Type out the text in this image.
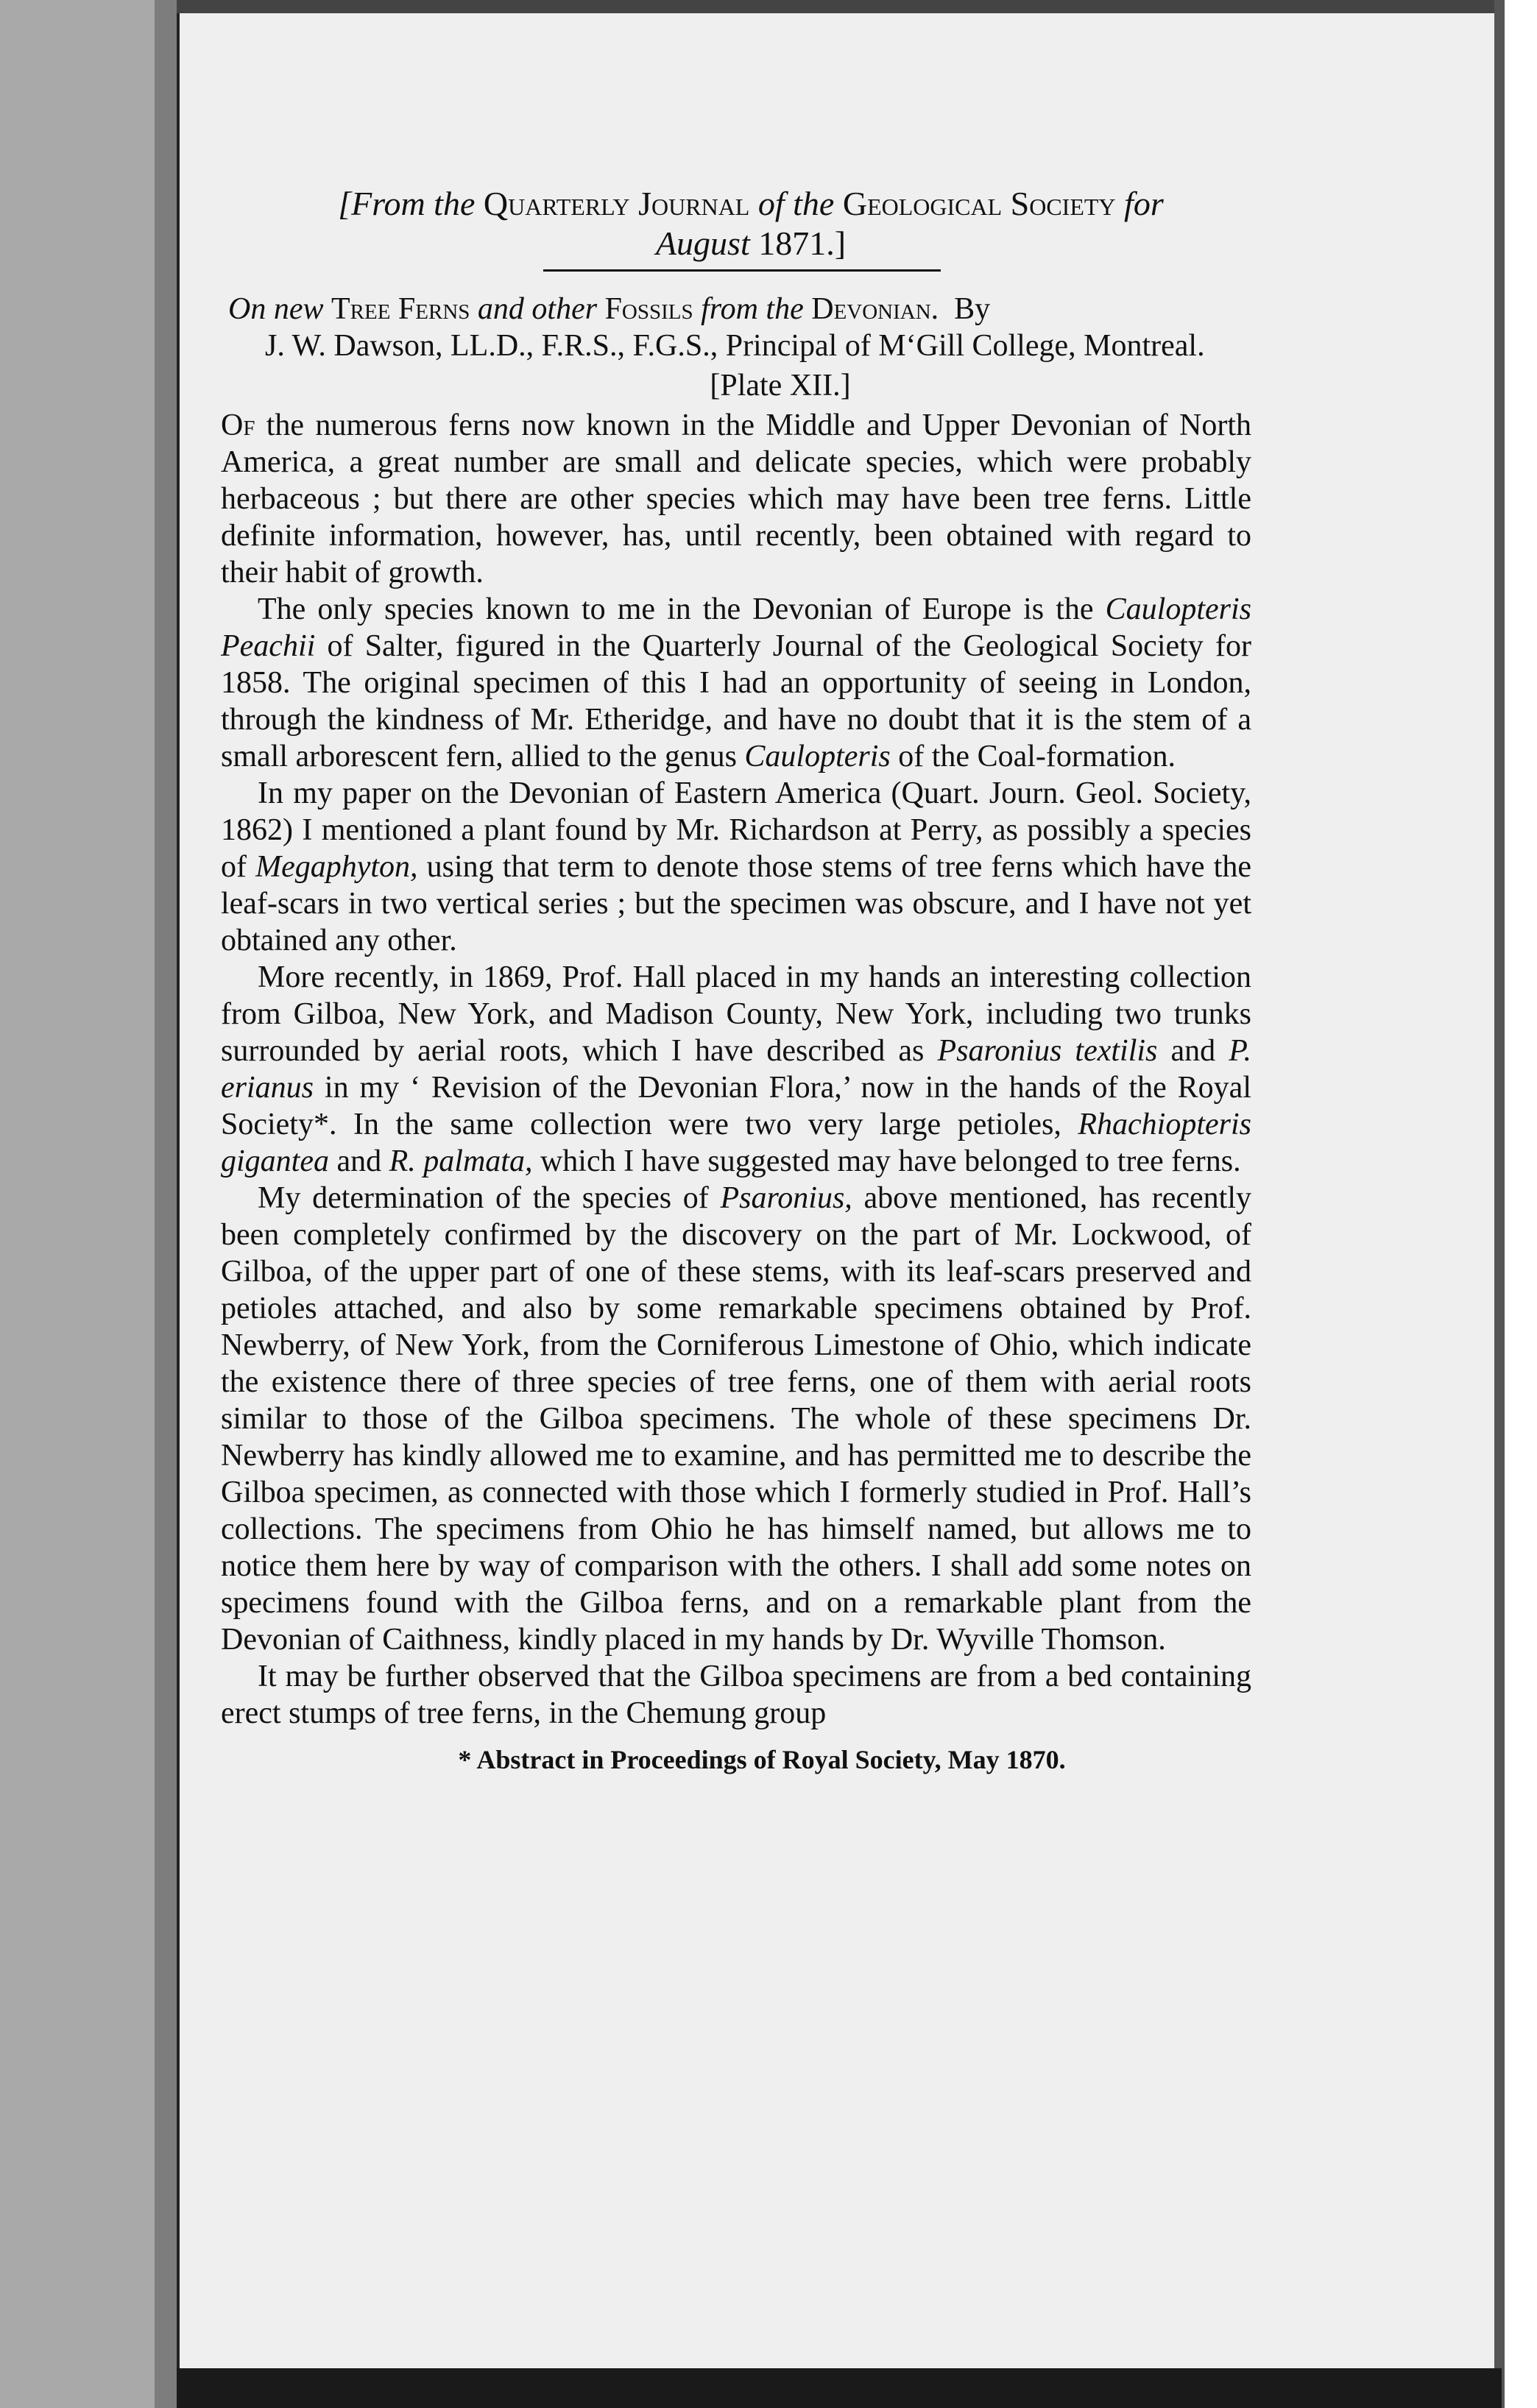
[From the Quarterly Journal of the Geological Society for
August 1871.]

On new Tree Ferns and other Fossils from the Devonian. By

J. W. Dawson, LL.D., F.R.S., F.G.S., Principal of M‘Gill College, Montreal.
[Plate XII.]

Of the numerous ferns now known in the Middle and Upper Devonian of North America, a great number are small and delicate species, which were probably herbaceous ; but there are other species which may have been tree ferns. Little definite information, however, has, until recently, been obtained with regard to their habit of growth.

The only species known to me in the Devonian of Europe is the Caulopteris Peachii of Salter, figured in the Quarterly Journal of the Geological Society for 1858. The original specimen of this I had an opportunity of seeing in London, through the kindness of Mr. Etheridge, and have no doubt that it is the stem of a small arborescent fern, allied to the genus Caulopteris of the Coal-formation.

In my paper on the Devonian of Eastern America (Quart. Journ. Geol. Society, 1862) I mentioned a plant found by Mr. Richardson at Perry, as possibly a species of Megaphyton, using that term to denote those stems of tree ferns which have the leaf-scars in two vertical series ; but the specimen was obscure, and I have not yet obtained any other.

More recently, in 1869, Prof. Hall placed in my hands an interesting collection from Gilboa, New York, and Madison County, New York, including two trunks surrounded by aerial roots, which I have described as Psaronius textilis and P. erianus in my ‘ Revision of the Devonian Flora,’ now in the hands of the Royal Society*. In the same collection were two very large petioles, Rhachiopteris gigantea and R. palmata, which I have suggested may have belonged to tree ferns.

My determination of the species of Psaronius, above mentioned, has recently been completely confirmed by the discovery on the part of Mr. Lockwood, of Gilboa, of the upper part of one of these stems, with its leaf-scars preserved and petioles attached, and also by some remarkable specimens obtained by Prof. Newberry, of New York, from the Corniferous Limestone of Ohio, which indicate the existence there of three species of tree ferns, one of them with aerial roots similar to those of the Gilboa specimens. The whole of these specimens Dr. Newberry has kindly allowed me to examine, and has permitted me to describe the Gilboa specimen, as connected with those which I formerly studied in Prof. Hall’s collections. The specimens from Ohio he has himself named, but allows me to notice them here by way of comparison with the others. I shall add some notes on specimens found with the Gilboa ferns, and on a remarkable plant from the Devonian of Caithness, kindly placed in my hands by Dr. Wyville Thomson.

It may be further observed that the Gilboa specimens are from a bed containing erect stumps of tree ferns, in the Chemung group

* Abstract in Proceedings of Royal Society, May 1870.
